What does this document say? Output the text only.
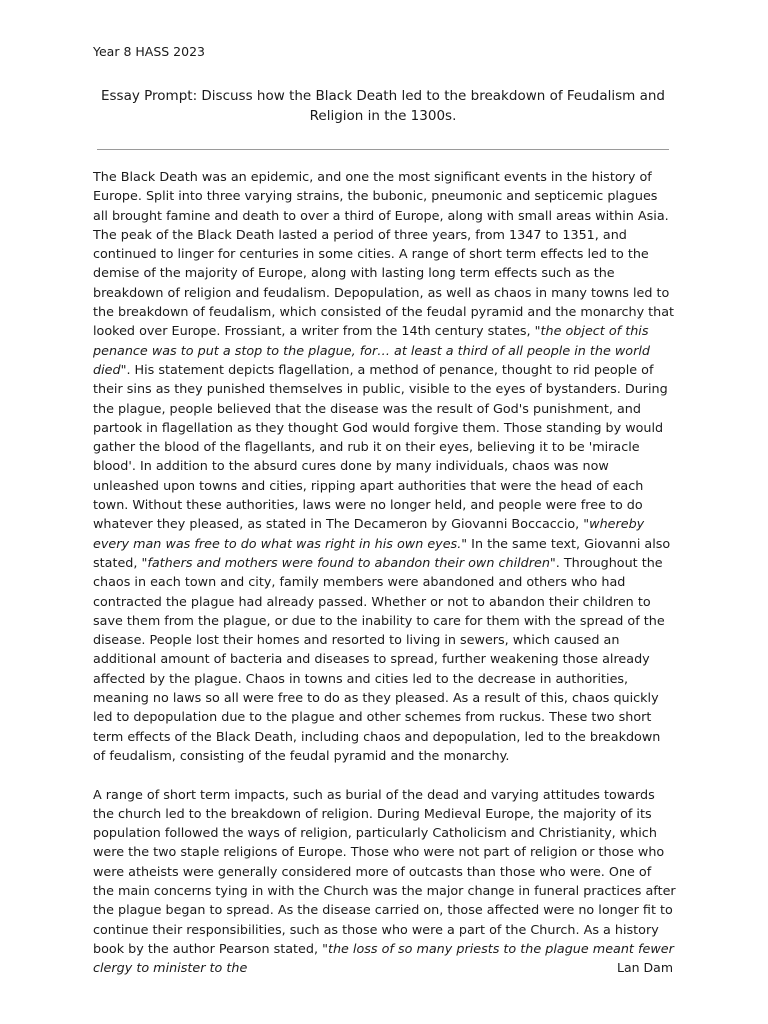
Year 8 HASS 2023
Essay Prompt: Discuss how the Black Death led to the breakdown of Feudalism and Religion in the 1300s.

The Black Death was an epidemic, and one the most significant events in the history of Europe. Split into three varying strains, the bubonic, pneumonic and septicemic plagues all brought famine and death to over a third of Europe, along with small areas within Asia. The peak of the Black Death lasted a period of three years, from 1347 to 1351, and continued to linger for centuries in some cities. A range of short term effects led to the demise of the majority of Europe, along with lasting long term effects such as the breakdown of religion and feudalism. Depopulation, as well as chaos in many towns led to the breakdown of feudalism, which consisted of the feudal pyramid and the monarchy that looked over Europe. Frossiant, a writer from the 14th century states, "the object of this penance was to put a stop to the plague, for… at least a third of all people in the world died". His statement depicts flagellation, a method of penance, thought to rid people of their sins as they punished themselves in public, visible to the eyes of bystanders. During the plague, people believed that the disease was the result of God's punishment, and partook in flagellation as they thought God would forgive them. Those standing by would gather the blood of the flagellants, and rub it on their eyes, believing it to be 'miracle blood'. In addition to the absurd cures done by many individuals, chaos was now unleashed upon towns and cities, ripping apart authorities that were the head of each town. Without these authorities, laws were no longer held, and people were free to do whatever they pleased, as stated in The Decameron by Giovanni Boccaccio, "whereby every man was free to do what was right in his own eyes." In the same text, Giovanni also stated, "fathers and mothers were found to abandon their own children". Throughout the chaos in each town and city, family members were abandoned and others who had contracted the plague had already passed. Whether or not to abandon their children to save them from the plague, or due to the inability to care for them with the spread of the disease. People lost their homes and resorted to living in sewers, which caused an additional amount of bacteria and diseases to spread, further weakening those already affected by the plague. Chaos in towns and cities led to the decrease in authorities, meaning no laws so all were free to do as they pleased. As a result of this, chaos quickly led to depopulation due to the plague and other schemes from ruckus. These two short term effects of the Black Death, including chaos and depopulation, led to the breakdown of feudalism, consisting of the feudal pyramid and the monarchy.

A range of short term impacts, such as burial of the dead and varying attitudes towards the church led to the breakdown of religion. During Medieval Europe, the majority of its population followed the ways of religion, particularly Catholicism and Christianity, which were the two staple religions of Europe. Those who were not part of religion or those who were atheists were generally considered more of outcasts than those who were. One of the main concerns tying in with the Church was the major change in funeral practices after the plague began to spread. As the disease carried on, those affected were no longer fit to continue their responsibilities, such as those who were a part of the Church. As a history book by the author Pearson stated, "the loss of so many priests to the plague meant fewer clergy to minister to the	Lan Dam
